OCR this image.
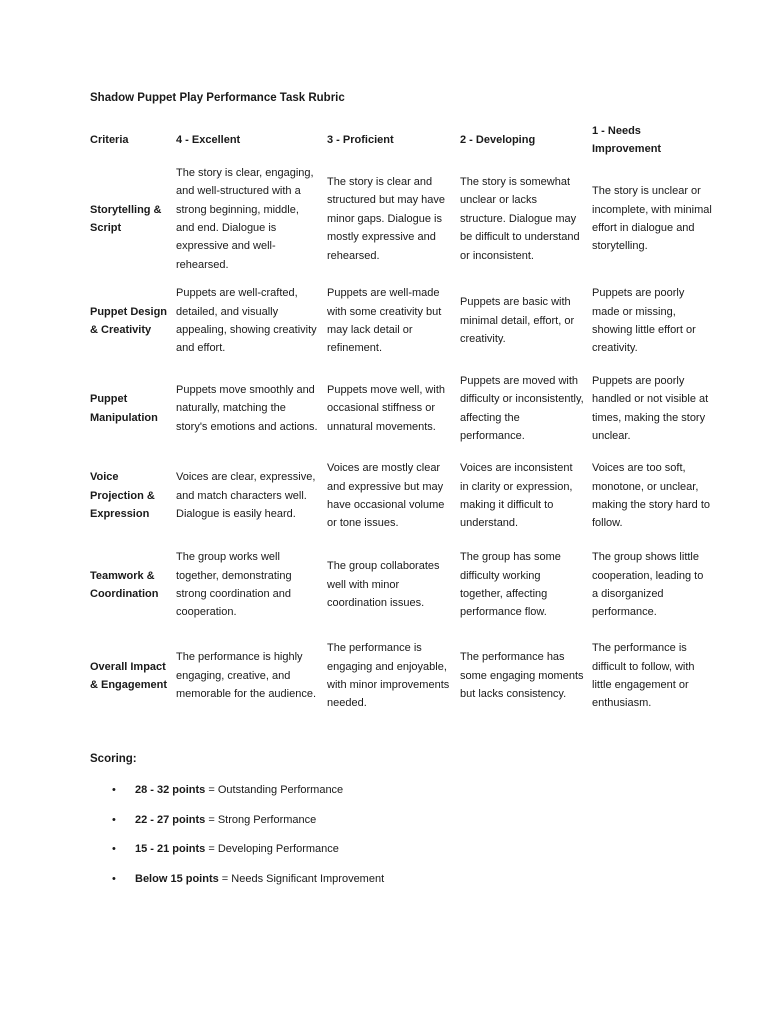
Shadow Puppet Play Performance Task Rubric
Criteria	4 - Excellent	3 - Proficient	2 - Developing	1 - Needs Improvement
Storytelling & Script	The story is clear, engaging, and well-structured with a strong beginning, middle, and end. Dialogue is expressive and well-rehearsed.	The story is clear and structured but may have minor gaps. Dialogue is mostly expressive and rehearsed.	The story is somewhat unclear or lacks structure. Dialogue may be difficult to understand or inconsistent.	The story is unclear or incomplete, with minimal effort in dialogue and storytelling.
Puppet Design & Creativity	Puppets are well-crafted, detailed, and visually appealing, showing creativity and effort.	Puppets are well-made with some creativity but may lack detail or refinement.	Puppets are basic with minimal detail, effort, or creativity.	Puppets are poorly made or missing, showing little effort or creativity.
Puppet Manipulation	Puppets move smoothly and naturally, matching the story's emotions and actions.	Puppets move well, with occasional stiffness or unnatural movements.	Puppets are moved with difficulty or inconsistently, affecting the performance.	Puppets are poorly handled or not visible at times, making the story unclear.
Voice Projection & Expression	Voices are clear, expressive, and match characters well. Dialogue is easily heard.	Voices are mostly clear and expressive but may have occasional volume or tone issues.	Voices are inconsistent in clarity or expression, making it difficult to understand.	Voices are too soft, monotone, or unclear, making the story hard to follow.
Teamwork & Coordination	The group works well together, demonstrating strong coordination and cooperation.	The group collaborates well with minor coordination issues.	The group has some difficulty working together, affecting performance flow.	The group shows little cooperation, leading to a disorganized performance.
Overall Impact & Engagement	The performance is highly engaging, creative, and memorable for the audience.	The performance is engaging and enjoyable, with minor improvements needed.	The performance has some engaging moments but lacks consistency.	The performance is difficult to follow, with little engagement or enthusiasm.
Scoring:
• 28 - 32 points = Outstanding Performance
• 22 - 27 points = Strong Performance
• 15 - 21 points = Developing Performance
• Below 15 points = Needs Significant Improvement
